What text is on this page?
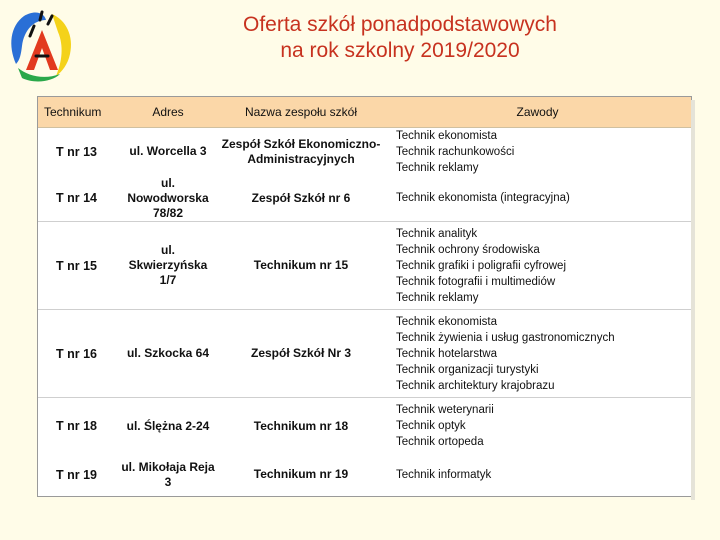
Oferta szkół ponadpodstawowych
na rok szkolny 2019/2020
Technikum	Adres	Nazwa zespołu szkół	Zawody
T nr 13	ul. Worcella 3	Zespół Szkół Ekonomiczno- Administracyjnych	Technik ekonomista
Technik rachunkowości
Technik reklamy

T nr 14	ul. Nowodworska 78/82	Zespół Szkół nr 6	Technik ekonomista (integracyjna)

T nr 15	ul. Skwierzyńska 1/7	Technikum nr 15	Technik analityk
Technik ochrony środowiska
Technik grafiki i poligrafii cyfrowej
Technik fotografii i multimediów
Technik reklamy

T nr 16	ul. Szkocka 64	Zespół Szkół Nr 3	Technik ekonomista
Technik żywienia i usług gastronomicznych
Technik hotelarstwa
Technik organizacji turystyki
Technik architektury krajobrazu

T nr 18	ul. Ślężna 2-24	Technikum nr 18	Technik weterynarii
Technik optyk
Technik ortopeda

T nr 19	ul. Mikołaja Reja 3	Technikum nr 19	Technik informatyk
